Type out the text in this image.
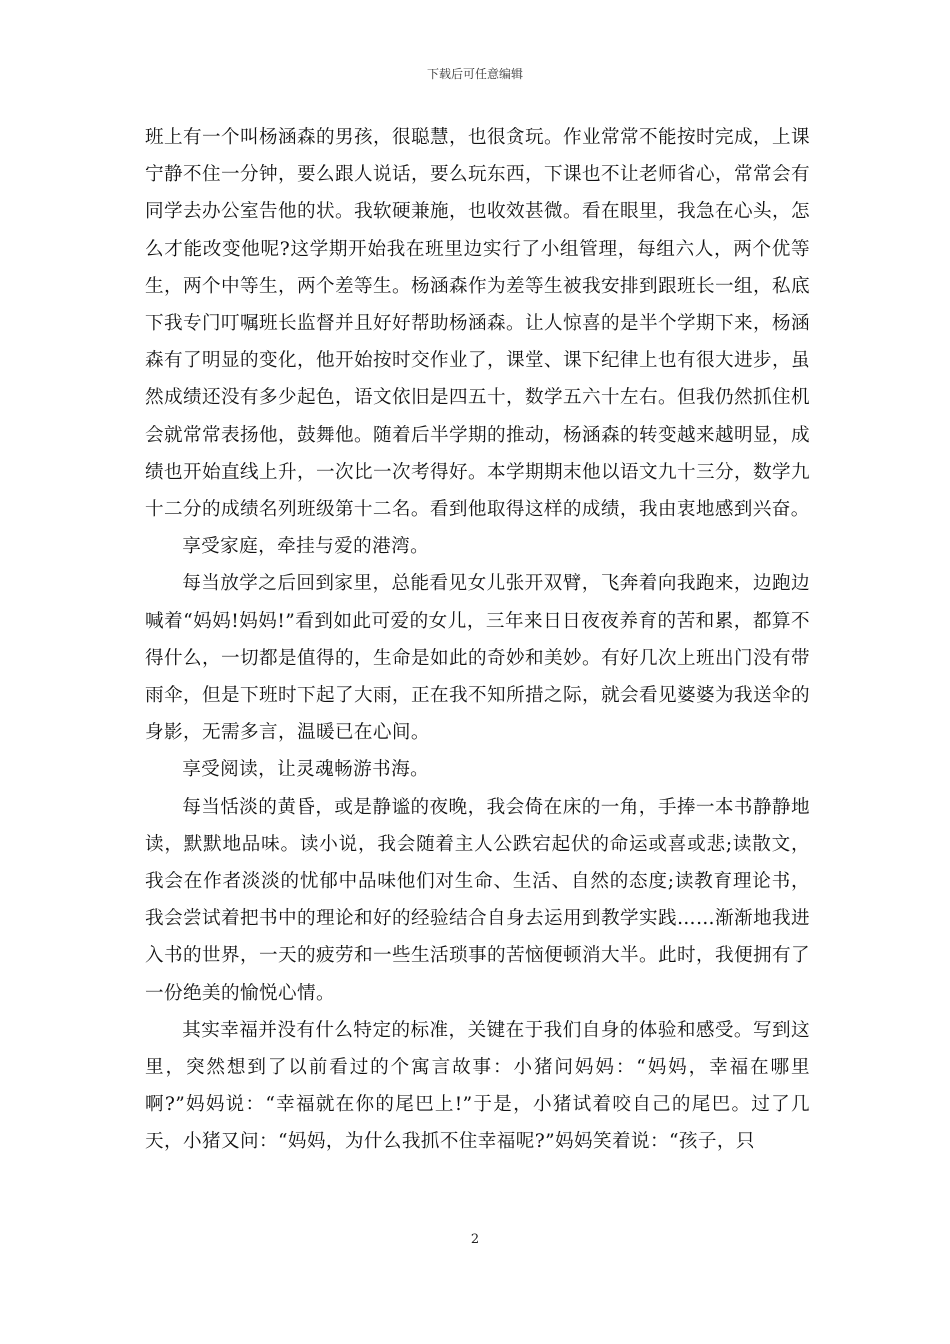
下载后可任意编辑

班上有一个叫杨涵森的男孩，很聪慧，也很贪玩。作业常常不能按时完成，上课宁静不住一分钟，要么跟人说话，要么玩东西，下课也不让老师省心，常常会有同学去办公室告他的状。我软硬兼施，也收效甚微。看在眼里，我急在心头，怎么才能改变他呢?这学期开始我在班里边实行了小组管理，每组六人，两个优等生，两个中等生，两个差等生。杨涵森作为差等生被我安排到跟班长一组，私底下我专门叮嘱班长监督并且好好帮助杨涵森。让人惊喜的是半个学期下来，杨涵森有了明显的变化，他开始按时交作业了，课堂、课下纪律上也有很大进步，虽然成绩还没有多少起色，语文依旧是四五十，数学五六十左右。但我仍然抓住机会就常常表扬他，鼓舞他。随着后半学期的推动，杨涵森的转变越来越明显，成绩也开始直线上升，一次比一次考得好。本学期期末他以语文九十三分，数学九十二分的成绩名列班级第十二名。看到他取得这样的成绩，我由衷地感到兴奋。

享受家庭，牵挂与爱的港湾。

每当放学之后回到家里，总能看见女儿张开双臂，飞奔着向我跑来，边跑边喊着“妈妈!妈妈!”看到如此可爱的女儿，三年来日日夜夜养育的苦和累，都算不得什么，一切都是值得的，生命是如此的奇妙和美妙。有好几次上班出门没有带雨伞，但是下班时下起了大雨，正在我不知所措之际，就会看见婆婆为我送伞的身影，无需多言，温暖已在心间。

享受阅读，让灵魂畅游书海。

每当恬淡的黄昏，或是静谧的夜晚，我会倚在床的一角，手捧一本书静静地读，默默地品味。读小说，我会随着主人公跌宕起伏的命运或喜或悲;读散文，我会在作者淡淡的忧郁中品味他们对生命、生活、自然的态度;读教育理论书，我会尝试着把书中的理论和好的经验结合自身去运用到教学实践……渐渐地我进入书的世界，一天的疲劳和一些生活琐事的苦恼便顿消大半。此时，我便拥有了一份绝美的愉悦心情。

其实幸福并没有什么特定的标准，关键在于我们自身的体验和感受。写到这里，突然想到了以前看过的个寓言故事：小猪问妈妈：“妈妈，幸福在哪里啊?”妈妈说：“幸福就在你的尾巴上!”于是，小猪试着咬自己的尾巴。过了几天，小猪又问：“妈妈，为什么我抓不住幸福呢?”妈妈笑着说：“孩子，只

2
